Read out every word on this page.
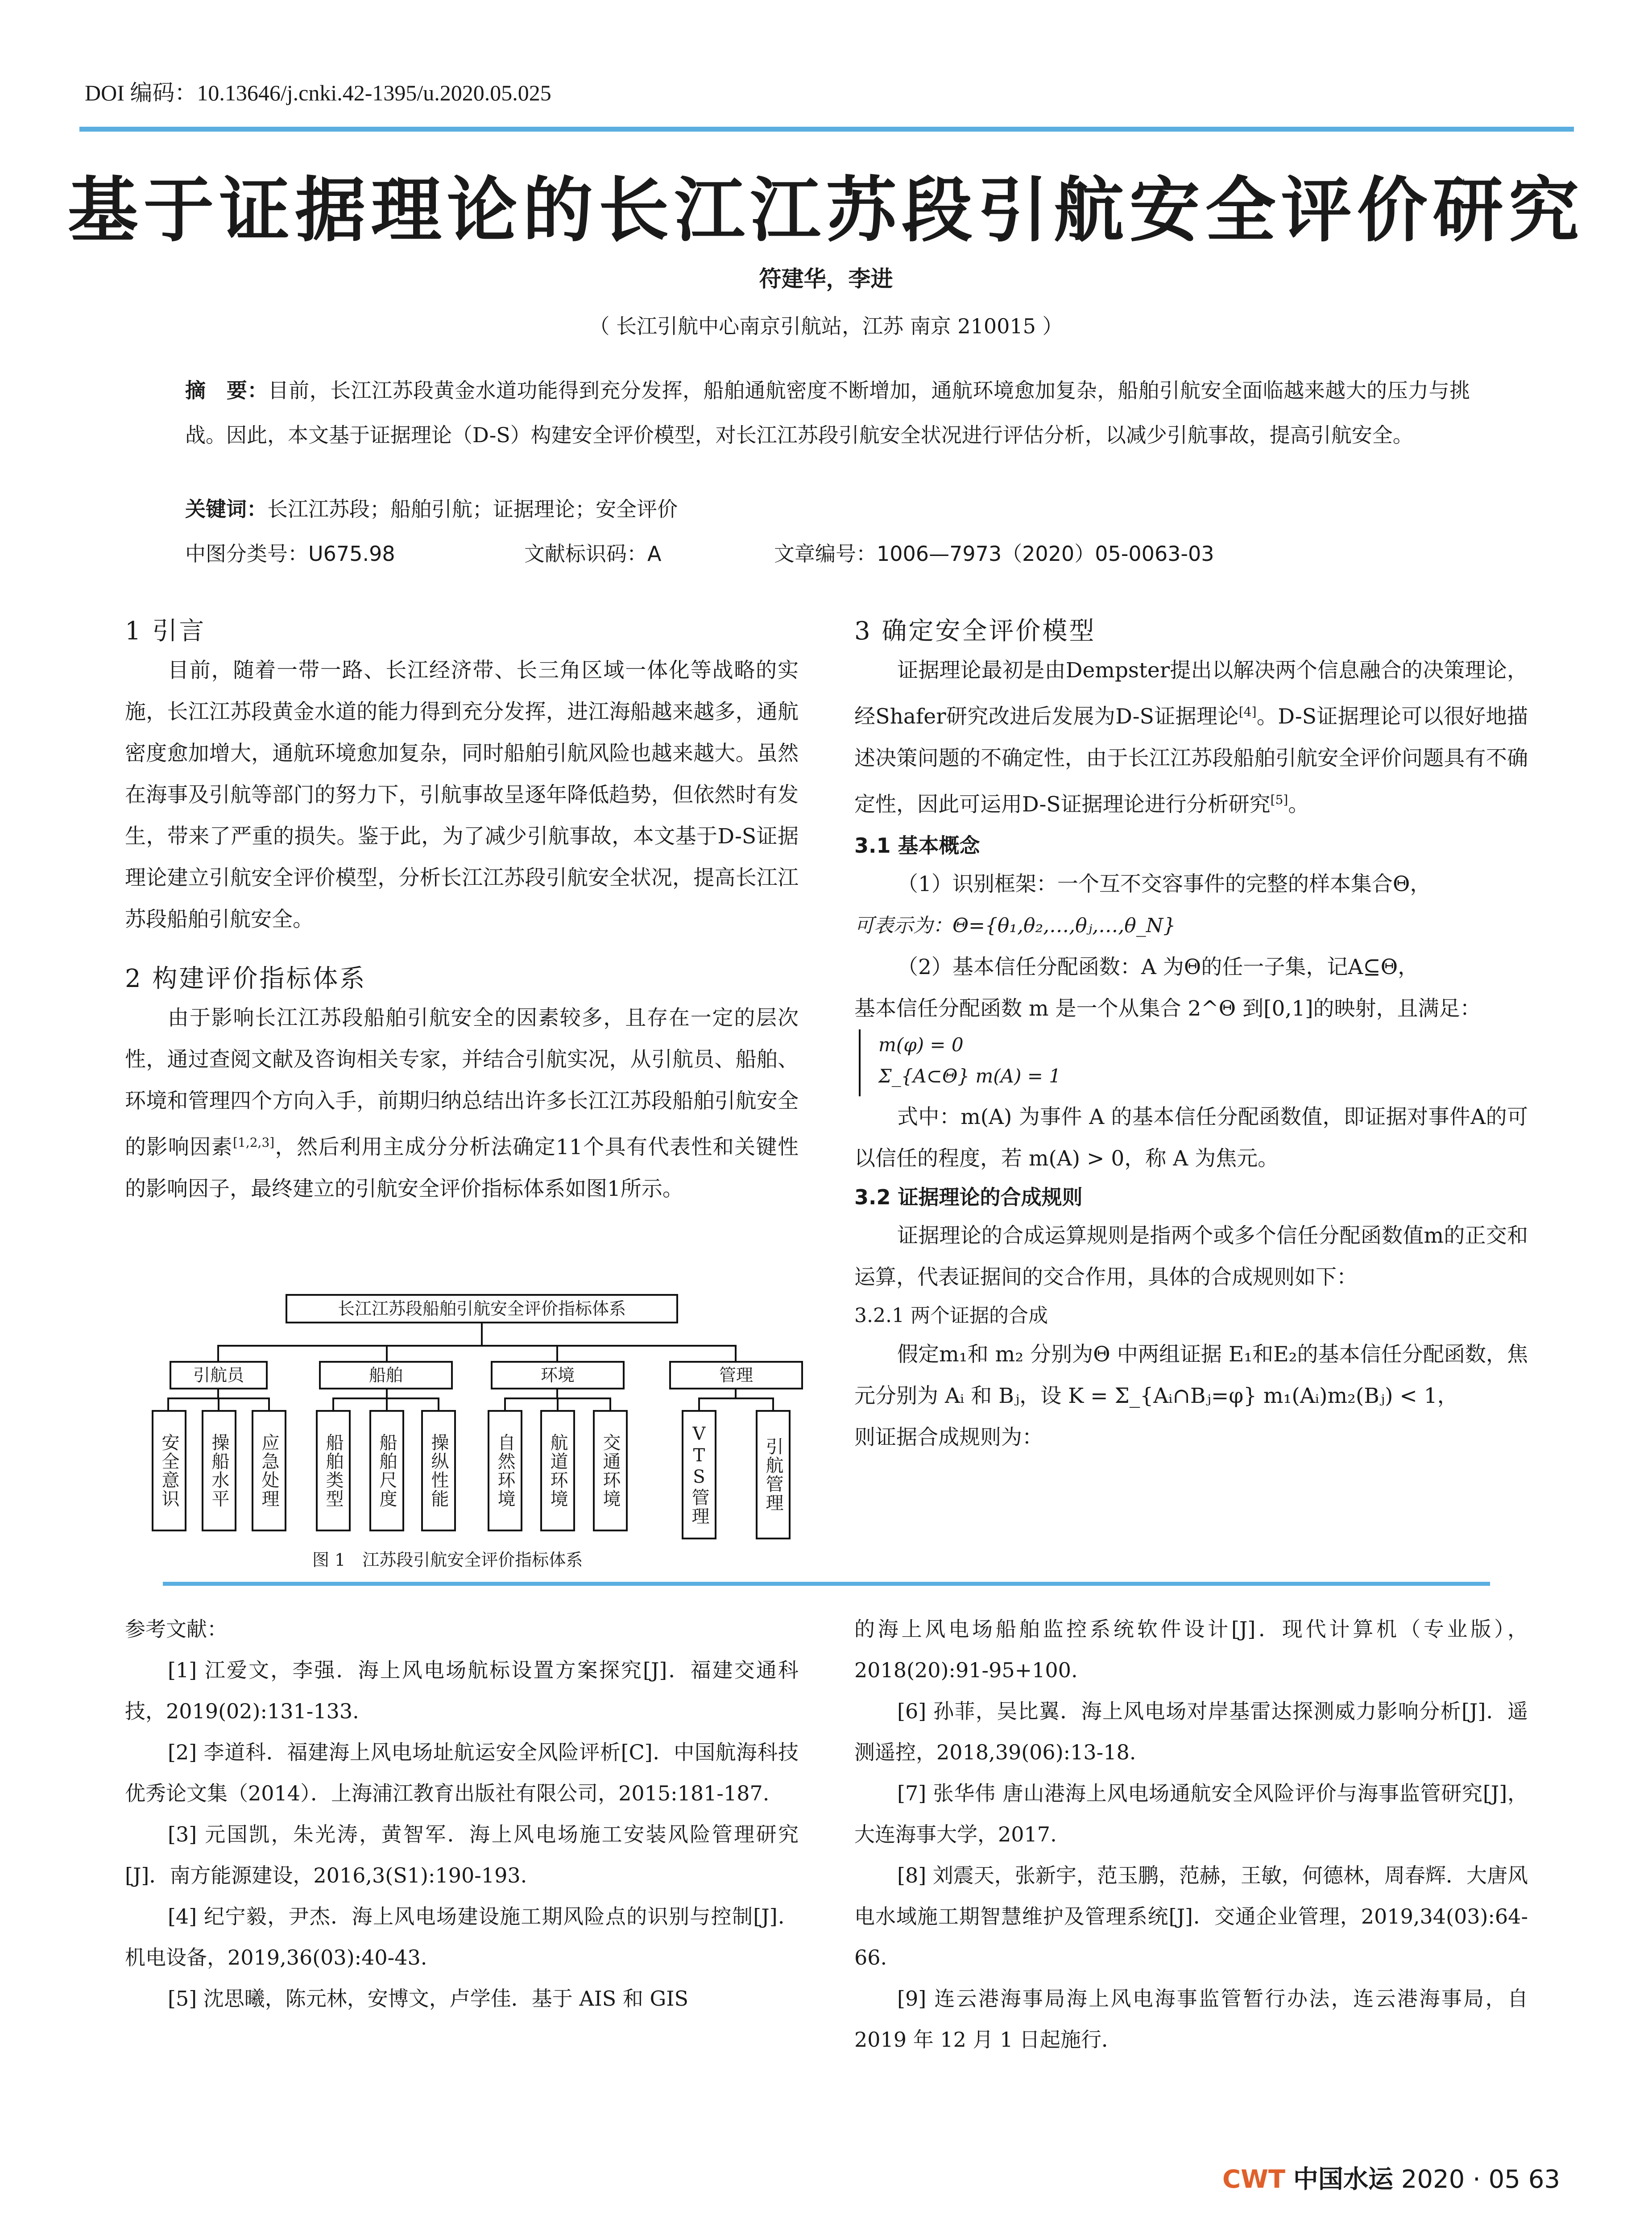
DOI 编码：10.13646/j.cnki.42-1395/u.2020.05.025
基于证据理论的长江江苏段引航安全评价研究
符建华，李进
（ 长江引航中心南京引航站，江苏 南京 210015 ）
摘　要：目前，长江江苏段黄金水道功能得到充分发挥，船舶通航密度不断增加，通航环境愈加复杂，船舶引航安全面临越来越大的压力与挑战。因此，本文基于证据理论（D-S）构建安全评价模型，对长江江苏段引航安全状况进行评估分析，以减少引航事故，提高引航安全。
关键词：长江江苏段；船舶引航；证据理论；安全评价
中图分类号：U675.98	文献标识码：A	文章编号：1006—7973（2020）05-0063-03
1 引言

目前，随着一带一路、长江经济带、长三角区域一体化等战略的实施，长江江苏段黄金水道的能力得到充分发挥，进江海船越来越多，通航密度愈加增大，通航环境愈加复杂，同时船舶引航风险也越来越大。虽然在海事及引航等部门的努力下，引航事故呈逐年降低趋势，但依然时有发生，带来了严重的损失。鉴于此，为了减少引航事故，本文基于D-S证据理论建立引航安全评价模型，分析长江江苏段引航安全状况，提高长江江苏段船舶引航安全。

2 构建评价指标体系

由于影响长江江苏段船舶引航安全的因素较多，且存在一定的层次性，通过查阅文献及咨询相关专家，并结合引航实况，从引航员、船舶、环境和管理四个方向入手，前期归纳总结出许多长江江苏段船舶引航安全的影响因素[1,2,3]，然后利用主成分分析法确定11个具有代表性和关键性的影响因子，最终建立的引航安全评价指标体系如图1所示。

长江江苏段船舶引航安全评价指标体系
引航员	船舶	环境	管理
安全意识	操船水平	应急处理	船舶类型	船舶尺度	操纵性能	自然环境	航道环境	交通环境	VTS管理	引航管理
图 1　江苏段引航安全评价指标体系
3 确定安全评价模型

证据理论最初是由Dempster提出以解决两个信息融合的决策理论，经Shafer研究改进后发展为D-S证据理论[4]。D-S证据理论可以很好地描述决策问题的不确定性，由于长江江苏段船舶引航安全评价问题具有不确定性，因此可运用D-S证据理论进行分析研究[5]。

3.1 基本概念

（1）识别框架：一个互不交容事件的完整的样本集合Θ，

可表示为：Θ={θ₁,θ₂,…,θⱼ,…,θ_N}

（2）基本信任分配函数：A 为Θ的任一子集，记A⊆Θ，

基本信任分配函数 m 是一个从集合 2^Θ 到[0,1]的映射，且满足：

m(φ) = 0
Σ_{A⊂Θ} m(A) = 1

式中：m(A) 为事件 A 的基本信任分配函数值，即证据对事件A的可以信任的程度，若 m(A) > 0，称 A 为焦元。

3.2 证据理论的合成规则

证据理论的合成运算规则是指两个或多个信任分配函数值m的正交和运算，代表证据间的交合作用，具体的合成规则如下：

3.2.1 两个证据的合成

假定m₁和 m₂ 分别为Θ 中两组证据 E₁和E₂的基本信任分配函数，焦元分别为 Aᵢ 和 Bⱼ，设 K = Σ_{Aᵢ∩Bⱼ=φ} m₁(Aᵢ)m₂(Bⱼ) < 1，

则证据合成规则为：

参考文献：

[1] 江爱文，李强．海上风电场航标设置方案探究[J]．福建交通科技，2019(02):131-133.

[2] 李道科．福建海上风电场址航运安全风险评析[C]．中国航海科技优秀论文集（2014）．上海浦江教育出版社有限公司，2015:181-187.

[3] 元国凯，朱光涛，黄智军．海上风电场施工安装风险管理研究[J]．南方能源建设，2016,3(S1):190-193.

[4] 纪宁毅，尹杰．海上风电场建设施工期风险点的识别与控制[J]．机电设备，2019,36(03):40-43.

[5] 沈思曦，陈元林，安博文，卢学佳．基于 AIS 和 GIS

的海上风电场船舶监控系统软件设计[J]．现代计算机（专业版），2018(20):91-95+100.

[6] 孙菲，吴比翼．海上风电场对岸基雷达探测威力影响分析[J]．遥测遥控，2018,39(06):13-18.

[7] 张华伟 唐山港海上风电场通航安全风险评价与海事监管研究[J]，大连海事大学，2017.

[8] 刘震天，张新宇，范玉鹏，范赫，王敏，何德林，周春辉．大唐风电水域施工期智慧维护及管理系统[J]．交通企业管理，2019,34(03):64-66.

[9] 连云港海事局海上风电海事监管暂行办法，连云港海事局，自 2019 年 12 月 1 日起施行．

CWT 中国水运 2020 · 05 63
